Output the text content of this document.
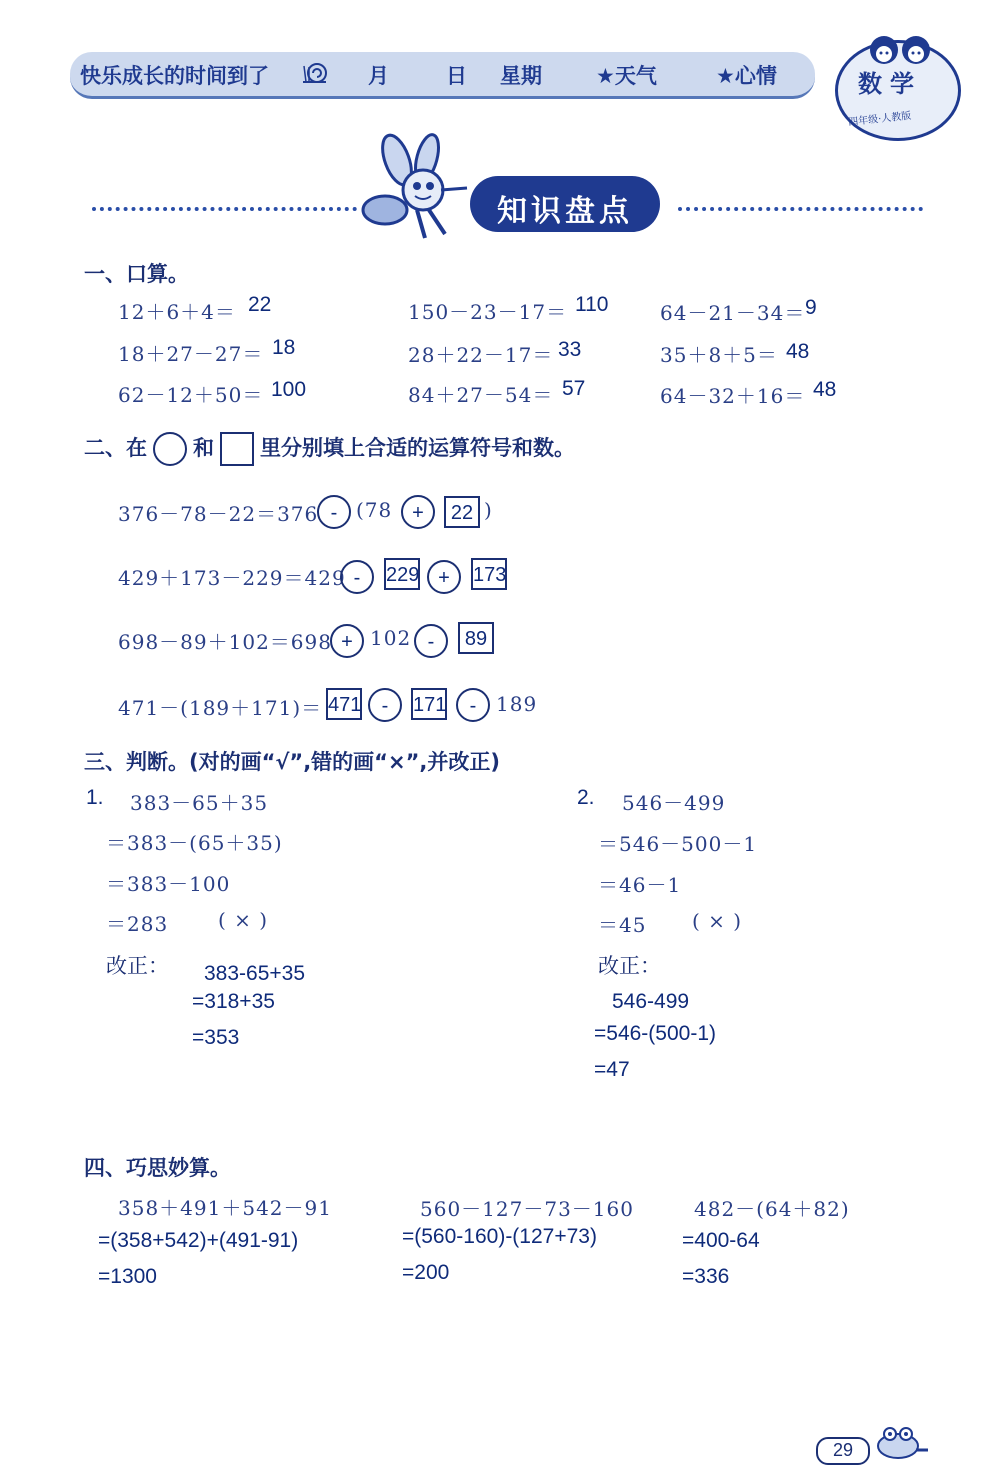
快乐成长的时间到了	月	日 星期	★天气	★心情	数学
四年级·人教版
知识盘点
一、口算。
12＋6＋4＝ 22	150－23－17＝ 110	64－21－34＝ 9
18＋27－27＝ 18	28＋22－17＝ 33	35＋8＋5＝ 48
62－12＋50＝ 100	84＋27－54＝ 57	64－32＋16＝ 48
二、在 和 里分别填上合适的运算符号和数。
376－78－22＝376 - (78 +	22 )
429＋173－229＝429 -	229 +	173
698－89＋102＝698 + 102 -	89
471－(189＋171)＝ 471	-	171	- 189
三、判断。(对的画“√”,错的画“×”,并改正)
1. 383－65＋35
＝383－(65＋35)
＝383－100
＝283 ( × )
改正： 383-65+35
=318+35
=353
2. 546－499
＝546－500－1
＝46－1
＝45 ( × )
改正：
546-499
=546-(500-1)
=47
四、巧思妙算。
358＋491＋542－91
=(358+542)+(491-91)
=1300
560－127－73－160
=(560-160)-(127+73)
=200
482－(64＋82)
=400-64
=336
29
